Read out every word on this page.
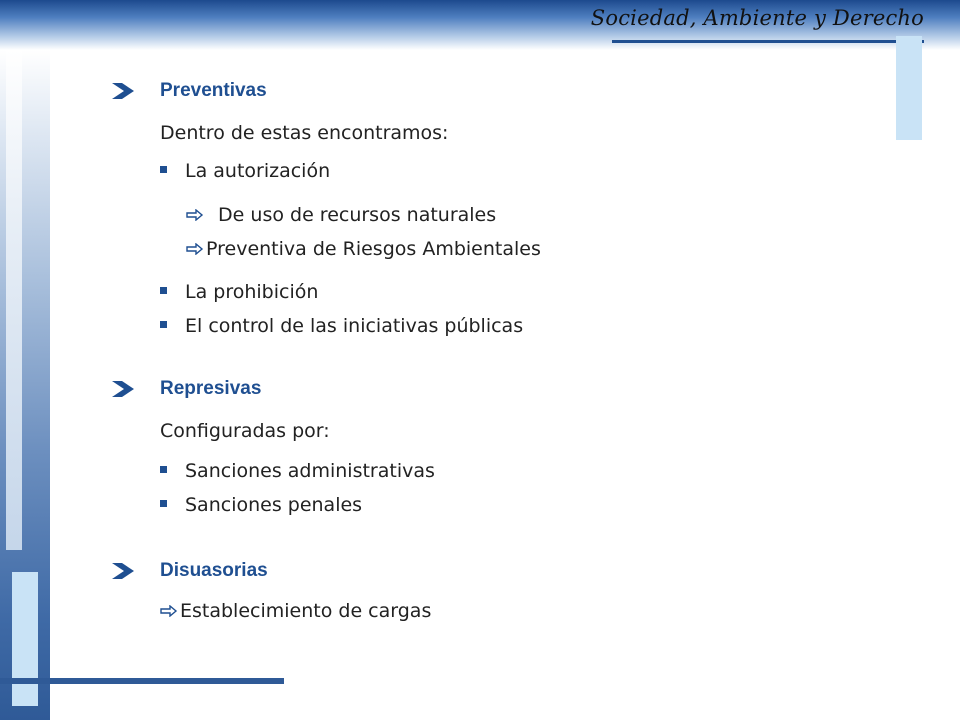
Sociedad, Ambiente y Derecho
Preventivas
Dentro de estas encontramos:
La autorización
De uso de recursos naturales
Preventiva de Riesgos Ambientales
La prohibición
El control de las iniciativas públicas
Represivas
Configuradas por:
Sanciones administrativas
Sanciones penales
Disuasorias
Establecimiento de cargas
